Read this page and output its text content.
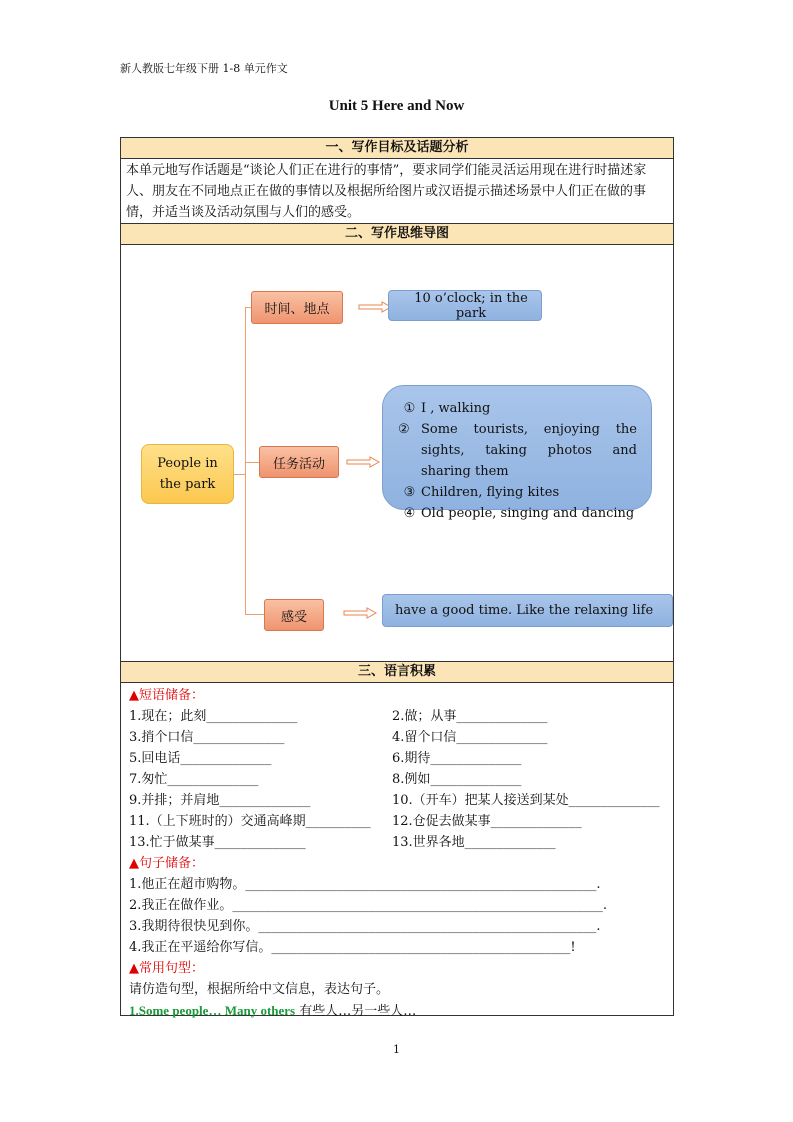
新人教版七年级下册 1-8 单元作文
Unit 5 Here and Now
一、写作目标及话题分析
本单元地写作话题是“谈论人们正在进行的事情”，要求同学们能灵活运用现在进行时描述家人、朋友在不同地点正在做的事情以及根据所给图片或汉语提示描述场景中人们正在做的事情，并适当谈及活动氛围与人们的感受。
二、写作思维导图
People in
the park
时间、地点
任务活动
感受
10 o’clock; in the park
① I , walking
② Some tourists, enjoying the sights, taking photos and sharing them
③ Children, flying kites
④ Old people, singing and dancing
have a good time. Like the relaxing life
三、语言积累
▲短语储备：
1.现在；此刻______________	2.做；从事______________
3.捎个口信______________	4.留个口信______________
5.回电话______________	6.期待______________
7.匆忙______________	8.例如______________
9.并排；并肩地______________	10.（开车）把某人接送到某处______________
11.（上下班时的）交通高峰期__________	12.仓促去做某事______________
13.忙于做某事______________	13.世界各地______________
▲句子储备：
1.他正在超市购物。______________________________________________________.
2.我正在做作业。_________________________________________________________.
3.我期待很快见到你。____________________________________________________.
4.我正在平遥给你写信。______________________________________________!
▲常用句型：
请仿造句型，根据所给中文信息，表达句子。
1.Some people… Many others 有些人…另一些人…
1
